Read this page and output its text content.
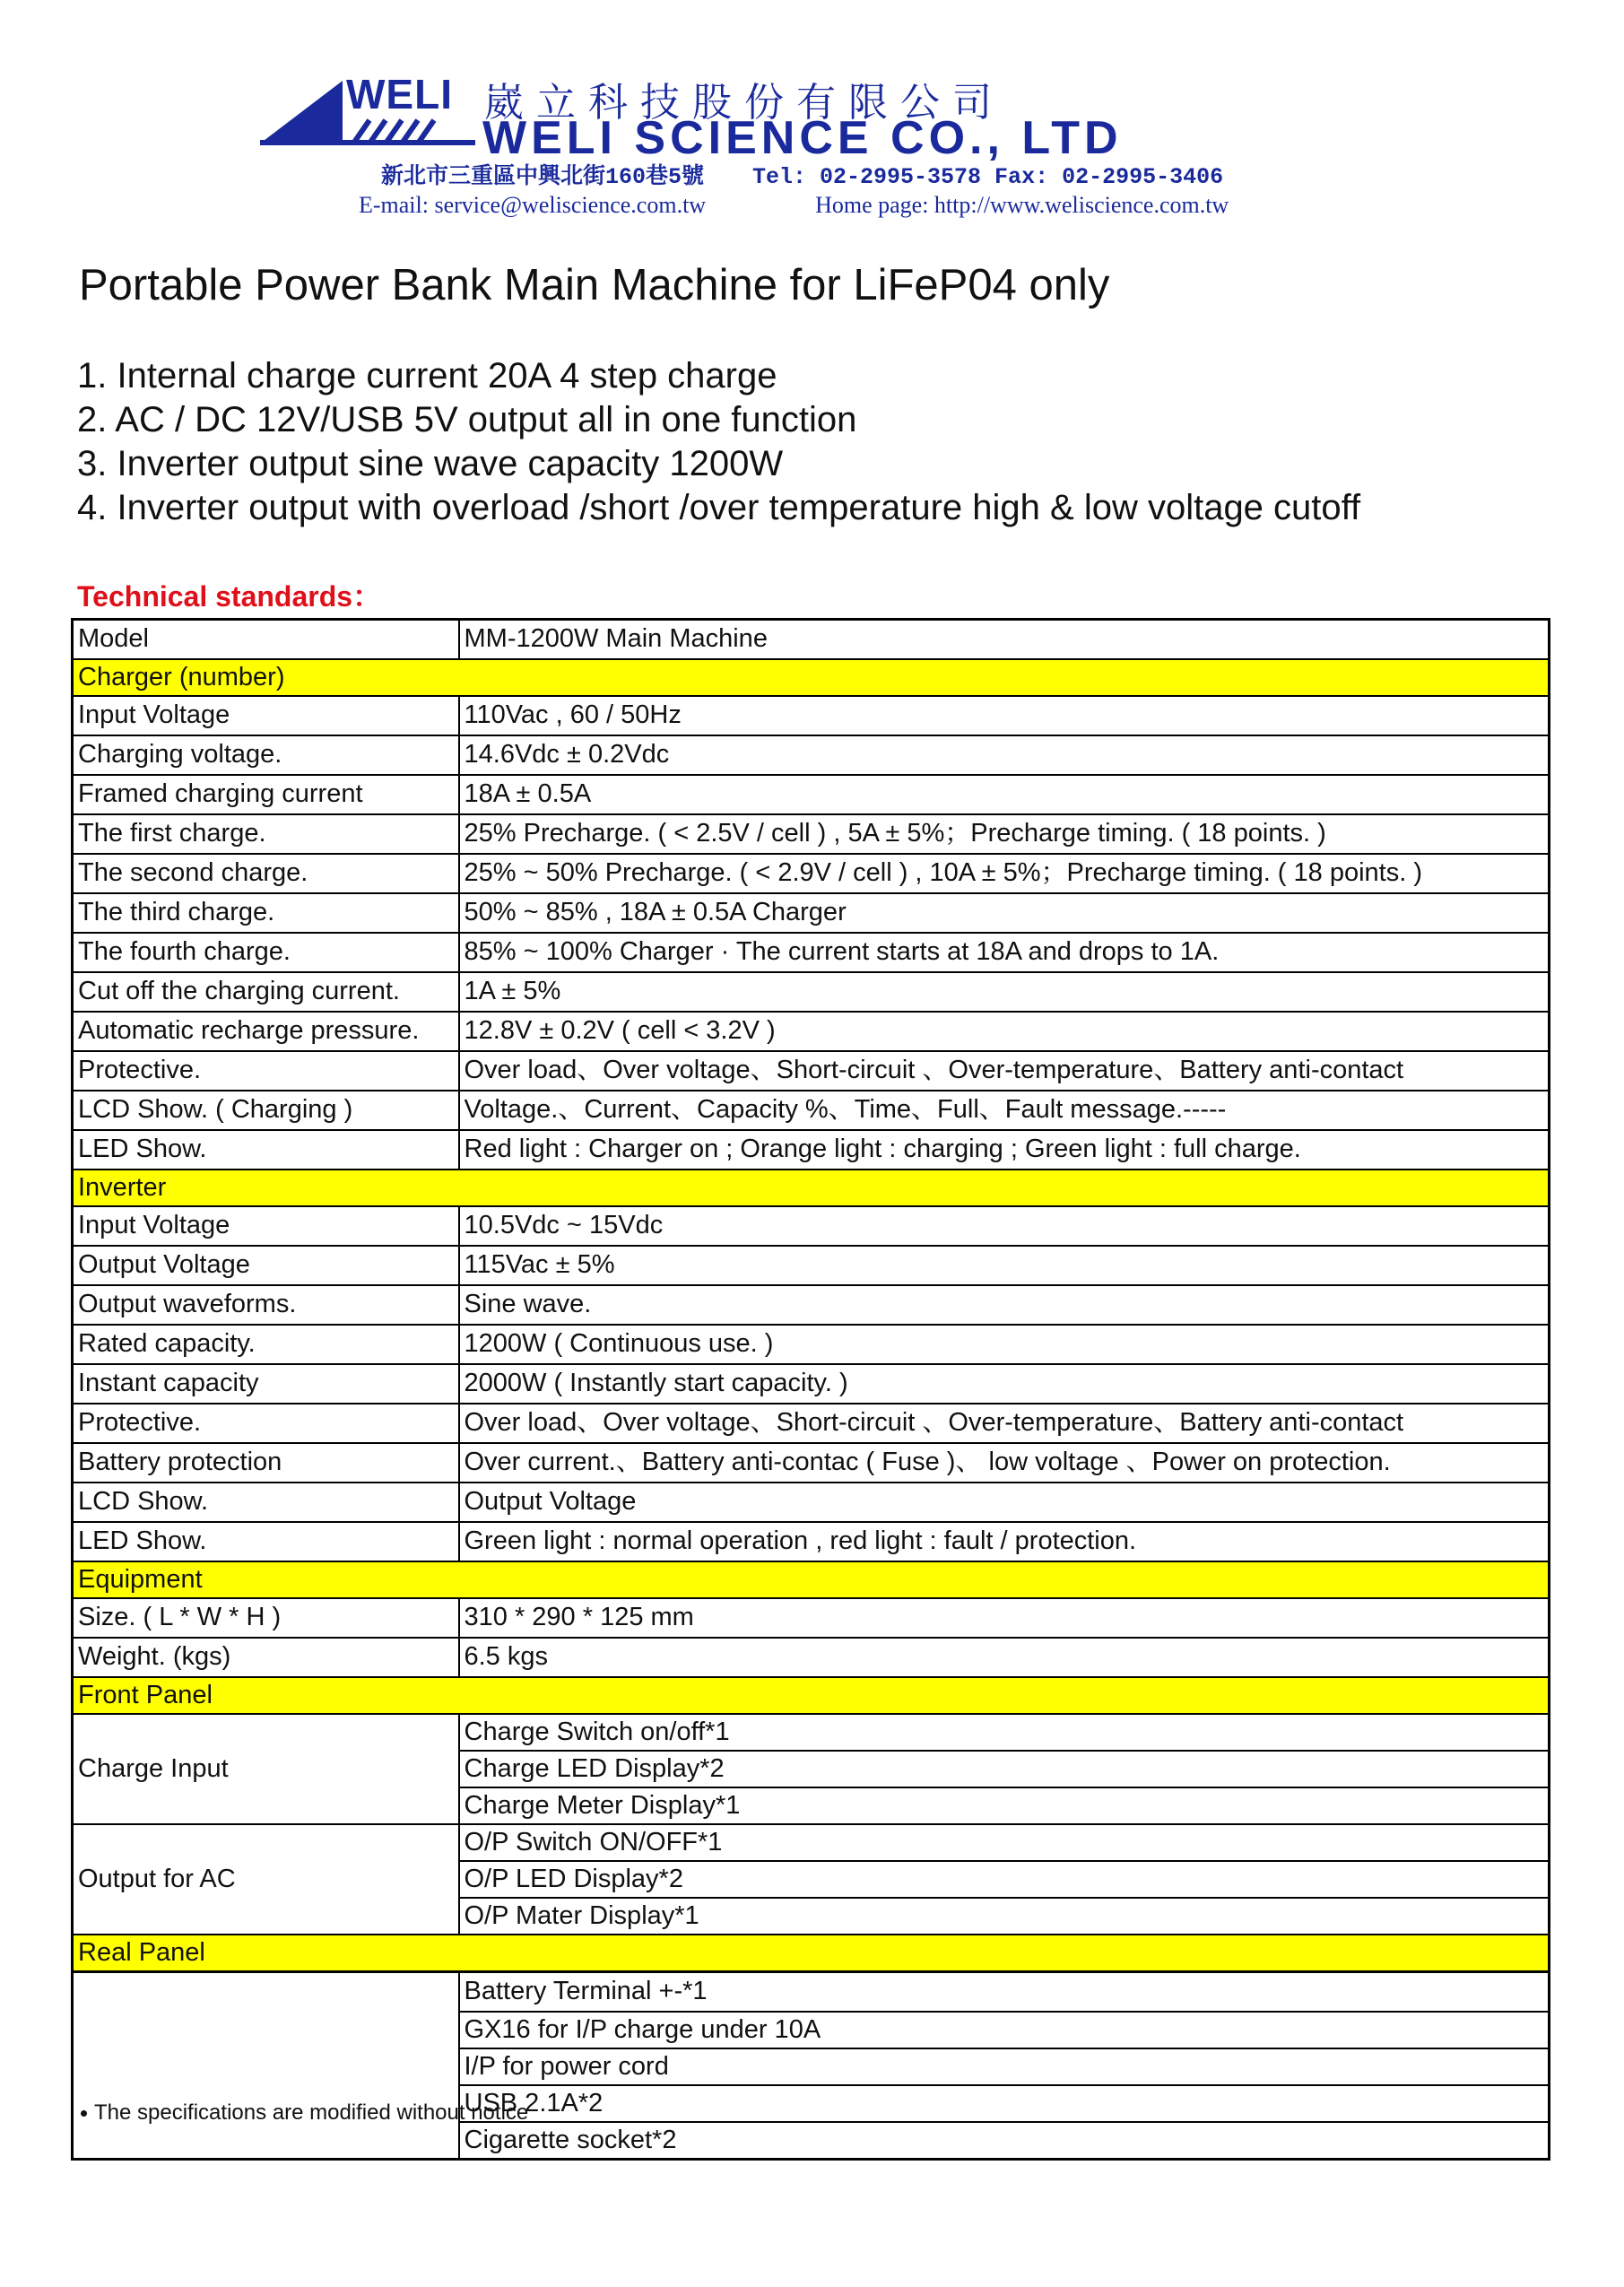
WELI 崴立科技股份有限公司
WELI SCIENCE CO., LTD
新北市三重區中興北街160巷5號 Tel: 02-2995-3578 Fax: 02-2995-3406
E-mail: service@weliscience.com.tw	Home page: http://www.weliscience.com.tw
Portable Power Bank Main Machine for LiFeP04 only
1. Internal charge current 20A 4 step charge
2. AC / DC 12V/USB 5V output all in one function
3. Inverter output sine wave capacity 1200W
4. Inverter output with overload /short /over temperature high & low voltage cutoff
Technical standards：
Model	MM-1200W Main Machine
Charger (number)	
Input Voltage	110Vac , 60 / 50Hz
Charging voltage.	14.6Vdc ± 0.2Vdc
Framed charging current	18A ± 0.5A
The first charge.	25% Precharge. ( < 2.5V / cell ) , 5A ± 5%；Precharge timing. ( 18 points. )
The second charge.	25% ~ 50% Precharge. ( < 2.9V / cell ) , 10A ± 5%；Precharge timing. ( 18 points. )
The third charge.	50% ~ 85% , 18A ± 0.5A Charger
The fourth charge.	85% ~ 100% Charger · The current starts at 18A and drops to 1A.
Cut off the charging current.	1A ± 5%
Automatic recharge pressure.	12.8V ± 0.2V ( cell < 3.2V )
Protective.	Over load、Over voltage、Short-circuit 、Over-temperature、Battery anti-contact
LCD Show. ( Charging )	Voltage.、Current、Capacity %、Time、Full、Fault message.-----
LED Show.	Red light : Charger on ; Orange light : charging ; Green light : full charge.
Inverter	
Input Voltage	10.5Vdc ~ 15Vdc
Output Voltage	115Vac ± 5%
Output waveforms.	Sine wave.
Rated capacity.	1200W ( Continuous use. )
Instant capacity	2000W ( Instantly start capacity. )
Protective.	Over load、Over voltage、Short-circuit 、Over-temperature、Battery anti-contact
Battery protection	Over current.、Battery anti-contac ( Fuse )、 low voltage 、Power on protection.
LCD Show.	Output Voltage
LED Show.	Green light : normal operation , red light : fault / protection.
Equipment	
Size. ( L * W * H )	310 * 290 * 125 mm
Weight. (kgs)	6.5 kgs
Front Panel	
Charge Input	Charge Switch on/off*1
	Charge LED Display*2
	Charge Meter Display*1
Output for AC	O/P Switch ON/OFF*1
	O/P LED Display*2
	O/P Mater Display*1
Real Panel	
	Battery Terminal +-*1
	GX16 for I/P charge under 10A
	I/P for power cord
	USB 2.1A*2
	Cigarette socket*2
The specifications are modified without notice
